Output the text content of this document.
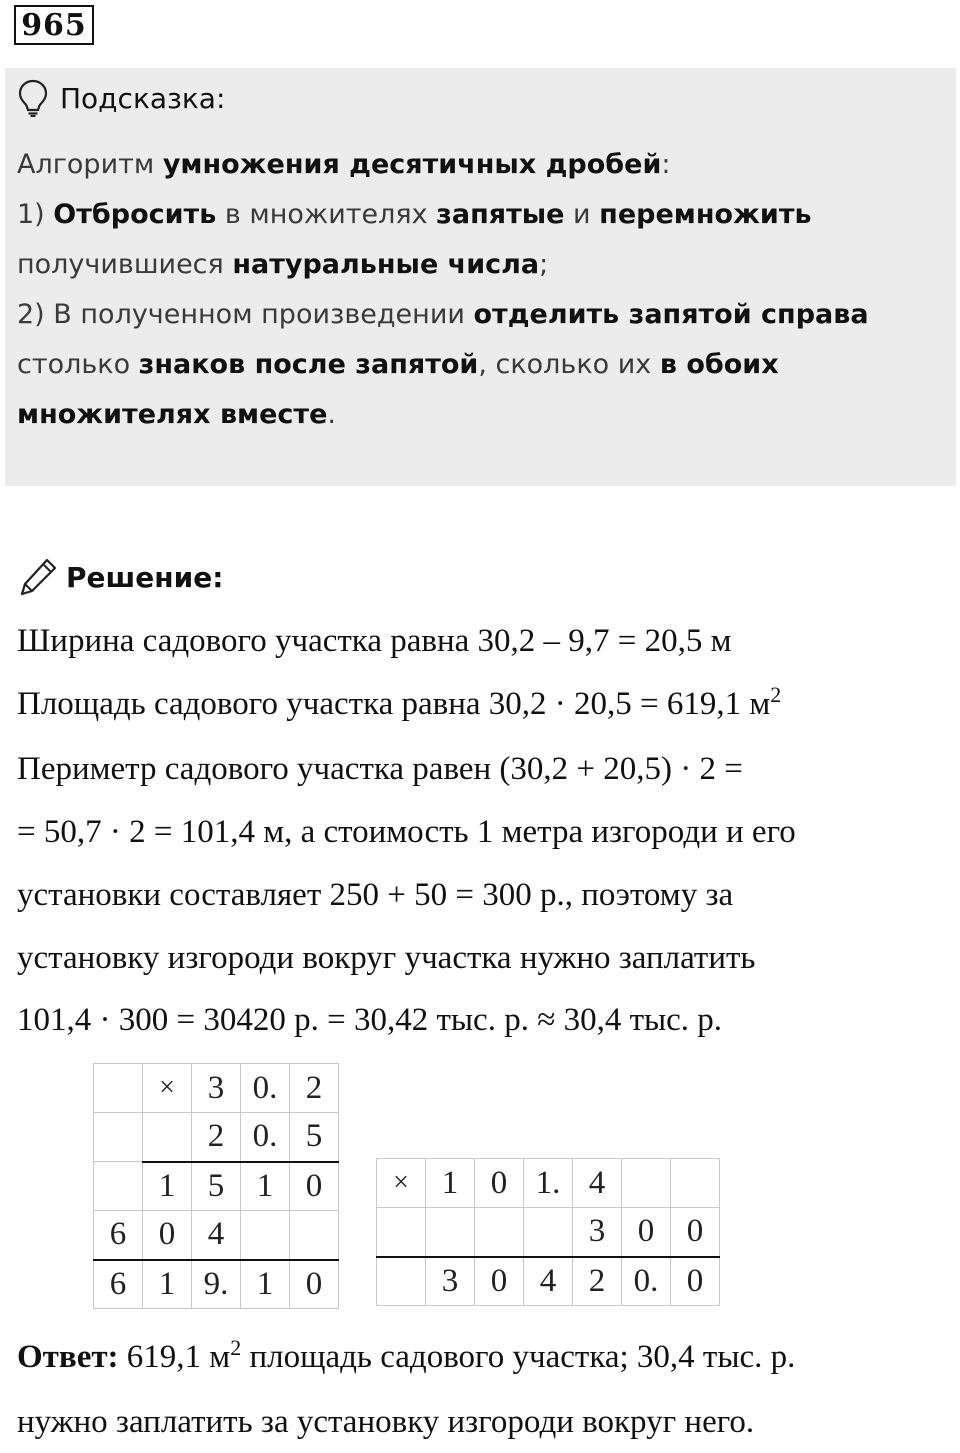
965
Подсказка:
Алгоритм умножения десятичных дробей:
1) Отбросить в множителях запятые и перемножить
получившиеся натуральные числа;
2) В полученном произведении отделить запятой справа
столько знаков после запятой, сколько их в обоих
множителях вместе.
Решение:
Ширина садового участка равна 30,2 – 9,7 = 20,5 м
Площадь садового участка равна 30,2 · 20,5 = 619,1 $м^2$
Периметр садового участка равен (30,2 + 20,5) · 2 =
= 50,7 · 2 = 101,4 м, а стоимость 1 метра изгороди и его
установки составляет 250 + 50 = 300 р., поэтому за
установку изгороди вокруг участка нужно заплатить
101,4 · 300 = 30420 р. = 30,42 тыс. р. ≈ 30,4 тыс. р.
	×	3	0.	2
		2	0.	5
	1	5	1	0
6	0	4		
6	1	9.	1	0
×	1	0	1.	4		
				3	0	0
	3	0	4	2	0.	0
Ответ: 619,1 $м^2$ площадь садового участка; 30,4 тыс. р.
нужно заплатить за установку изгороди вокруг него.
